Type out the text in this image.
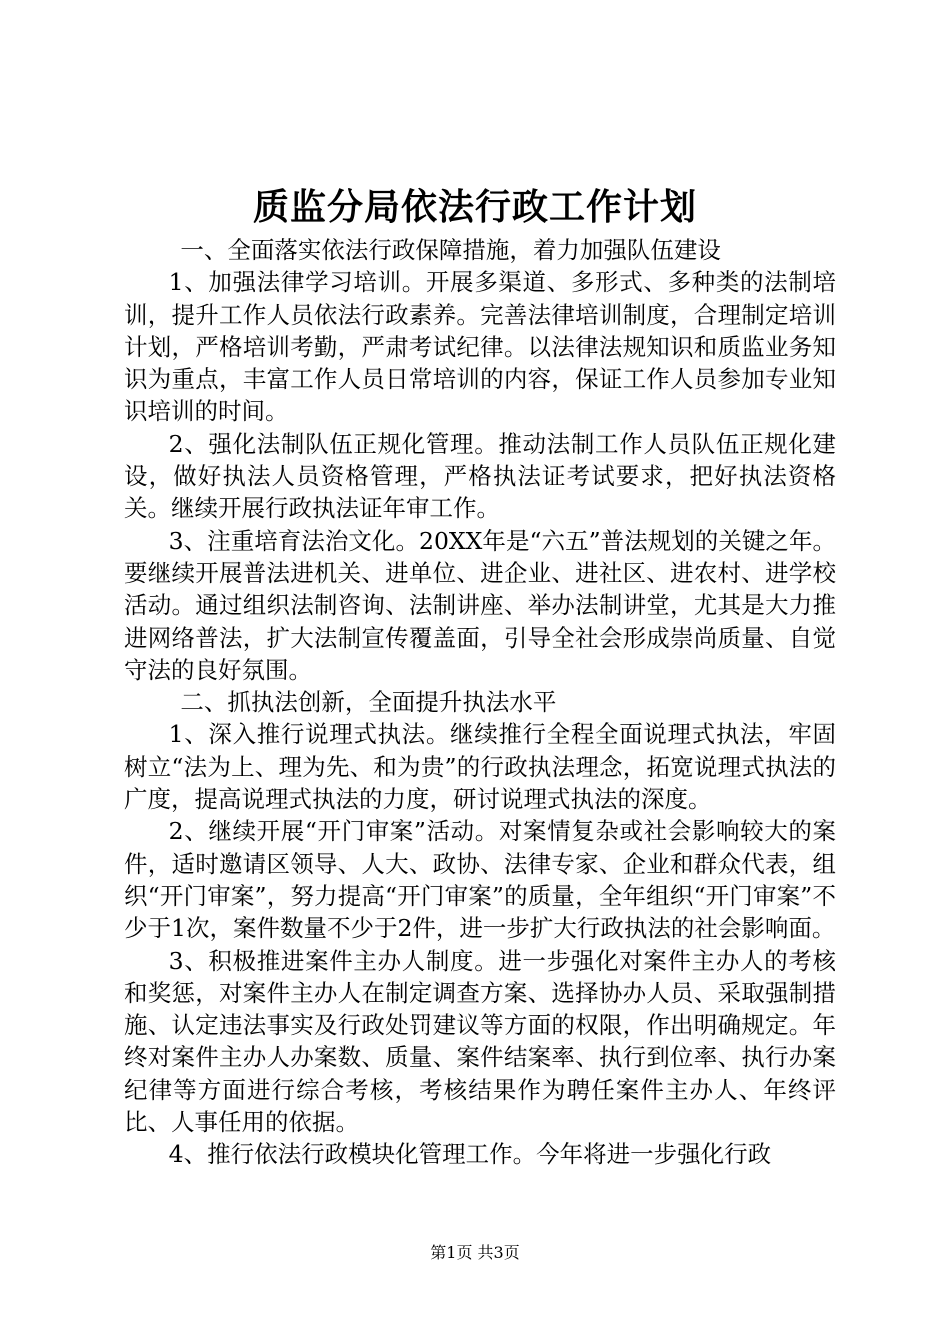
质监分局依法行政工作计划

一、全面落实依法行政保障措施，着力加强队伍建设

1、加强法律学习培训。开展多渠道、多形式、多种类的法制培训，提升工作人员依法行政素养。完善法律培训制度，合理制定培训计划，严格培训考勤，严肃考试纪律。以法律法规知识和质监业务知识为重点，丰富工作人员日常培训的内容，保证工作人员参加专业知识培训的时间。

2、强化法制队伍正规化管理。推动法制工作人员队伍正规化建设，做好执法人员资格管理，严格执法证考试要求，把好执法资格关。继续开展行政执法证年审工作。

3、注重培育法治文化。20XX年是“六五”普法规划的关键之年。要继续开展普法进机关、进单位、进企业、进社区、进农村、进学校活动。通过组织法制咨询、法制讲座、举办法制讲堂，尤其是大力推进网络普法，扩大法制宣传覆盖面，引导全社会形成崇尚质量、自觉守法的良好氛围。

二、抓执法创新，全面提升执法水平

1、深入推行说理式执法。继续推行全程全面说理式执法，牢固树立“法为上、理为先、和为贵”的行政执法理念，拓宽说理式执法的广度，提高说理式执法的力度，研讨说理式执法的深度。

2、继续开展“开门审案”活动。对案情复杂或社会影响较大的案件，适时邀请区领导、人大、政协、法律专家、企业和群众代表，组织“开门审案”，努力提高“开门审案”的质量，全年组织“开门审案”不少于1次，案件数量不少于2件，进一步扩大行政执法的社会影响面。

3、积极推进案件主办人制度。进一步强化对案件主办人的考核和奖惩，对案件主办人在制定调查方案、选择协办人员、采取强制措施、认定违法事实及行政处罚建议等方面的权限，作出明确规定。年终对案件主办人办案数、质量、案件结案率、执行到位率、执行办案纪律等方面进行综合考核，考核结果作为聘任案件主办人、年终评比、人事任用的依据。

4、推行依法行政模块化管理工作。今年将进一步强化行政

第1页 共3页
